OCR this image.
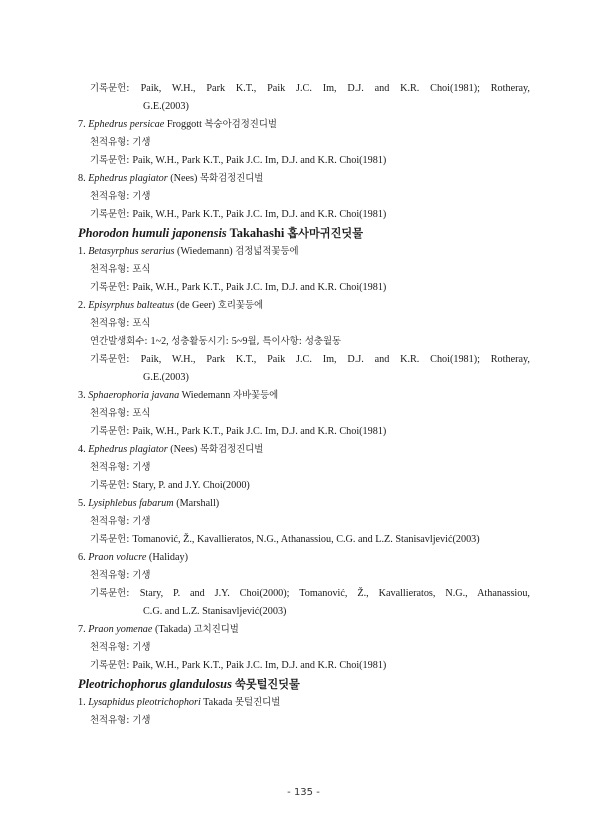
기록문헌: Paik, W.H., Park K.T., Paik J.C. Im, D.J. and K.R. Choi(1981); Rotheray,
G.E.(2003)
7. Ephedrus persicae Froggott 복숭아검정진디벌
천적유형: 기생
기록문헌: Paik, W.H., Park K.T., Paik J.C. Im, D.J. and K.R. Choi(1981)
8. Ephedrus plagiator (Nees) 목화검정진디벌
천적유형: 기생
기록문헌: Paik, W.H., Park K.T., Paik J.C. Im, D.J. and K.R. Choi(1981)
Phorodon humuli japonensis Takahashi 홉사마귀진딧물
1. Betasyrphus serarius (Wiedemann) 검정넓적꽃등에
천적유형: 포식
기록문헌: Paik, W.H., Park K.T., Paik J.C. Im, D.J. and K.R. Choi(1981)
2. Episyrphus balteatus (de Geer) 호리꽃등에
천적유형: 포식
연간발생회수: 1~2, 성충활동시기: 5~9월, 특이사항: 성충월동
기록문헌: Paik, W.H., Park K.T., Paik J.C. Im, D.J. and K.R. Choi(1981); Rotheray,
G.E.(2003)
3. Sphaerophoria javana Wiedemann 자바꽃등에
천적유형: 포식
기록문헌: Paik, W.H., Park K.T., Paik J.C. Im, D.J. and K.R. Choi(1981)
4. Ephedrus plagiator (Nees) 목화검정진디벌
천적유형: 기생
기록문헌: Stary, P. and J.Y. Choi(2000)
5. Lysiphlebus fabarum (Marshall)
천적유형: 기생
기록문헌: Tomanović, Ž., Kavallieratos, N.G., Athanassiou, C.G. and L.Z. Stanisavljević(2003)
6. Praon volucre (Haliday)
천적유형: 기생
기록문헌: Stary, P. and J.Y. Choi(2000); Tomanović, Ž., Kavallieratos, N.G., Athanassiou,
C.G. and L.Z. Stanisavljević(2003)
7. Praon yomenae (Takada) 고치진디벌
천적유형: 기생
기록문헌: Paik, W.H., Park K.T., Paik J.C. Im, D.J. and K.R. Choi(1981)
Pleotrichophorus glandulosus 쑥못털진딧물
1. Lysaphidus pleotrichophori Takada 못털진디벌
천적유형: 기생
- 135 -
